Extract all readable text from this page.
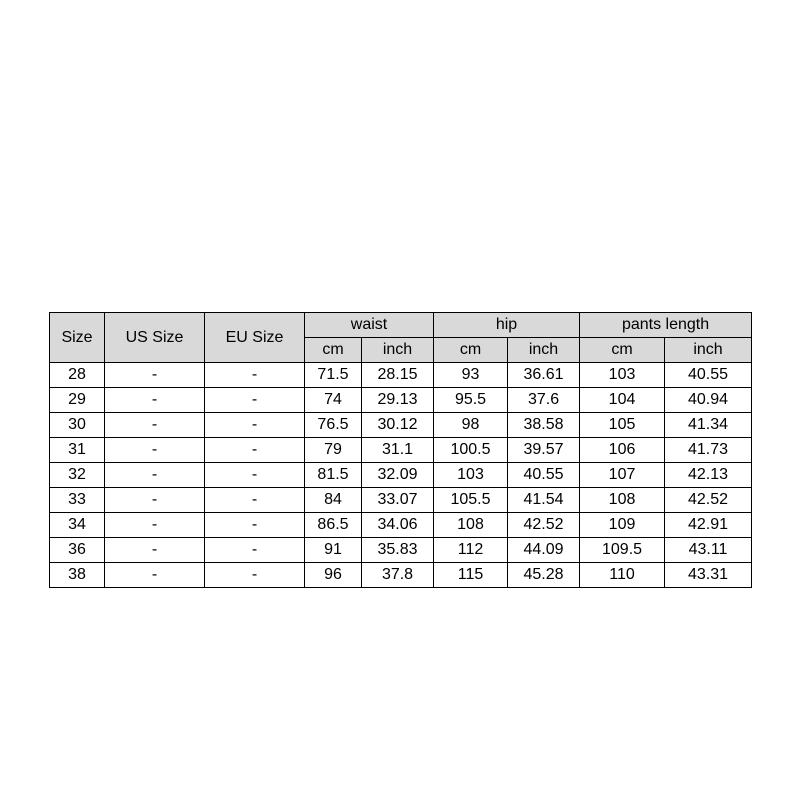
Size	US Size	EU Size	waist		hip		pants length	
			cm	inch	cm	inch	cm	inch
28	-	-	71.5	28.15	93	36.61	103	40.55
29	-	-	74	29.13	95.5	37.6	104	40.94
30	-	-	76.5	30.12	98	38.58	105	41.34
31	-	-	79	31.1	100.5	39.57	106	41.73
32	-	-	81.5	32.09	103	40.55	107	42.13
33	-	-	84	33.07	105.5	41.54	108	42.52
34	-	-	86.5	34.06	108	42.52	109	42.91
36	-	-	91	35.83	112	44.09	109.5	43.11
38	-	-	96	37.8	115	45.28	110	43.31
